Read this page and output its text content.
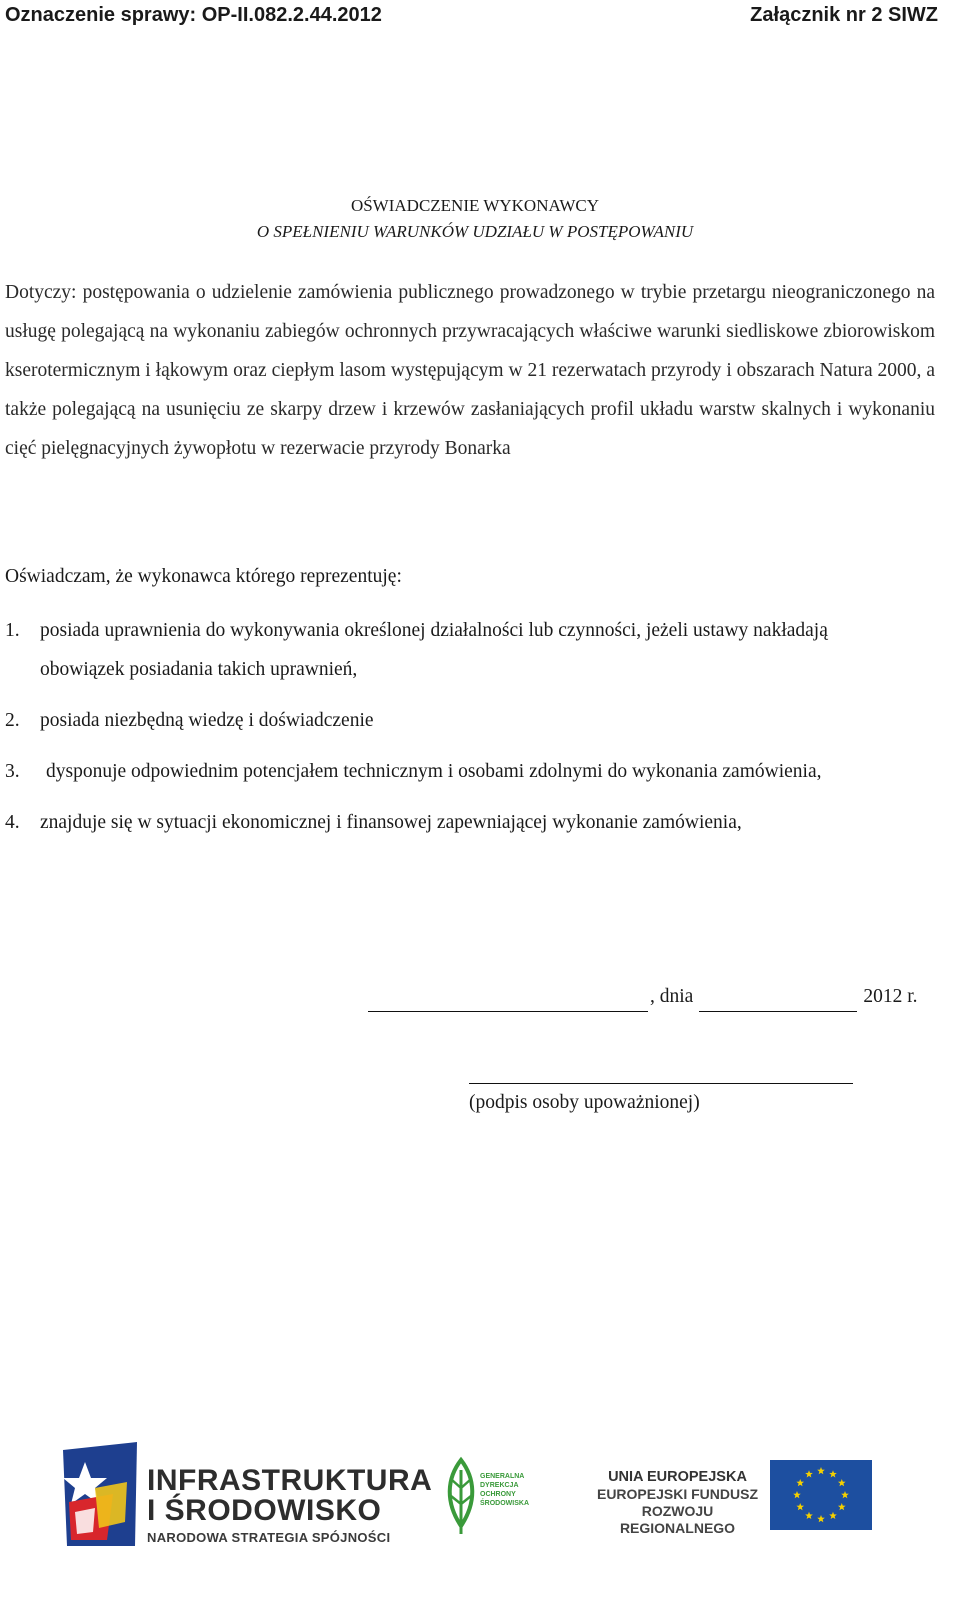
Oznaczenie sprawy: OP-II.082.2.44.2012	Załącznik nr 2 SIWZ
OŚWIADCZENIE WYKONAWCY
O SPEŁNIENIU WARUNKÓW UDZIAŁU W POSTĘPOWANIU
Dotyczy: postępowania o udzielenie zamówienia publicznego prowadzonego w trybie przetargu nieograniczonego na usługę polegającą na wykonaniu zabiegów ochronnych przywracających właściwe warunki siedliskowe zbiorowiskom kserotermicznym i łąkowym oraz ciepłym lasom występującym w 21 rezerwatach przyrody i obszarach Natura 2000, a także polegającą na usunięciu ze skarpy drzew i krzewów zasłaniających profil układu warstw skalnych i wykonaniu cięć pielęgnacyjnych żywopłotu w rezerwacie przyrody Bonarka
Oświadczam, że wykonawca którego reprezentuję:
1. posiada uprawnienia do wykonywania określonej działalności lub czynności, jeżeli ustawy nakładają obowiązek posiadania takich uprawnień,
2. posiada niezbędną wiedzę i doświadczenie
3. dysponuje odpowiednim potencjałem technicznym i osobami zdolnymi do wykonania zamówienia,
4. znajduje się w sytuacji ekonomicznej i finansowej zapewniającej wykonanie zamówienia,
, dnia	2012 r.
(podpis osoby upoważnionej)
INFRASTRUKTURA
I ŚRODOWISKO
NARODOWA STRATEGIA SPÓJNOŚCI
GENERALNA DYREKCJA OCHRONY ŚRODOWISKA
UNIA EUROPEJSKA
EUROPEJSKI FUNDUSZ
ROZWOJU REGIONALNEGO
